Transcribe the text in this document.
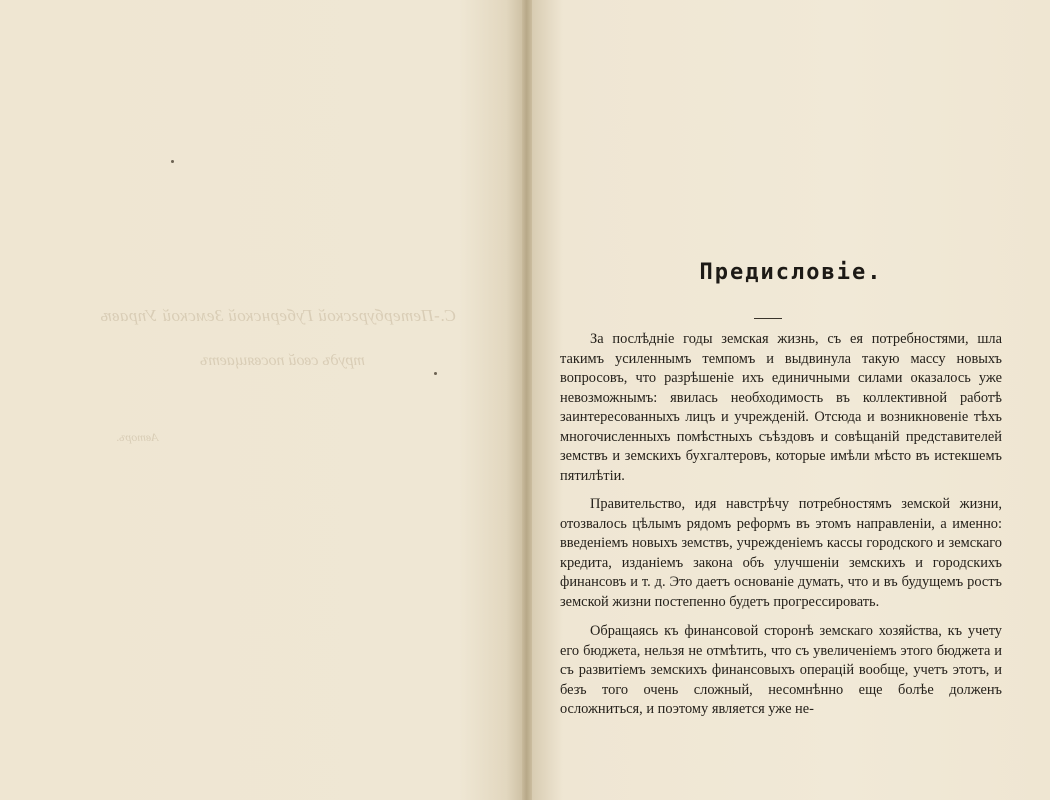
С.-Петербургской Губернской Земской Управѣ

трудъ свой посвящаетъ

Авторъ.

Предисловіе.

За послѣдніе годы земская жизнь, съ ея потребностями, шла такимъ усиленнымъ темпомъ и выдвинула такую массу новыхъ вопросовъ, что разрѣшеніе ихъ единичными силами оказалось уже невозможнымъ: явилась необходимость въ коллективной работѣ заинтересованныхъ лицъ и учрежденій. Отсюда и возникновеніе тѣхъ многочисленныхъ помѣстныхъ съѣздовъ и совѣщаній представителей земствъ и земскихъ бухгалтеровъ, которые имѣли мѣсто въ истекшемъ пятилѣтіи.

Правительство, идя навстрѣчу потребностямъ земской жизни, отозвалось цѣлымъ рядомъ реформъ въ этомъ направленіи, а именно: введеніемъ новыхъ земствъ, учрежденіемъ кассы городского и земскаго кредита, изданіемъ закона объ улучшеніи земскихъ и городскихъ финансовъ и т. д. Это даетъ основаніе думать, что и въ будущемъ ростъ земской жизни постепенно будетъ прогрессировать.

Обращаясь къ финансовой сторонѣ земскаго хозяйства, къ учету его бюджета, нельзя не отмѣтить, что съ увеличеніемъ этого бюджета и съ развитіемъ земскихъ финансовыхъ операцій вообще, учетъ этотъ, и безъ того очень сложный, несомнѣнно еще болѣе долженъ осложниться, и поэтому является уже не-
